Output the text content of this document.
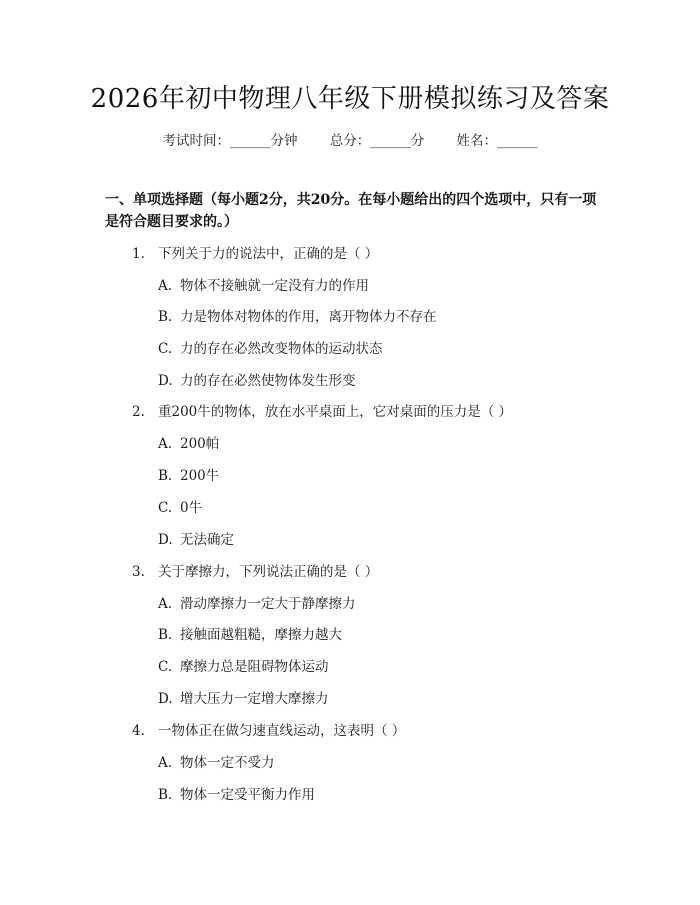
2026年初中物理八年级下册模拟练习及答案
考试时间：______分钟 总分：______分 姓名：______
一、单项选择题（每小题2分，共20分。在每小题给出的四个选项中，只有一项是符合题目要求的。）
1. 下列关于力的说法中，正确的是（ ）
A. 物体不接触就一定没有力的作用
B. 力是物体对物体的作用，离开物体力不存在
C. 力的存在必然改变物体的运动状态
D. 力的存在必然使物体发生形变
2. 重200牛的物体，放在水平桌面上，它对桌面的压力是（ ）
A. 200帕
B. 200牛
C. 0牛
D. 无法确定
3. 关于摩擦力，下列说法正确的是（ ）
A. 滑动摩擦力一定大于静摩擦力
B. 接触面越粗糙，摩擦力越大
C. 摩擦力总是阻碍物体运动
D. 增大压力一定增大摩擦力
4. 一物体正在做匀速直线运动，这表明（ ）
A. 物体一定不受力
B. 物体一定受平衡力作用
